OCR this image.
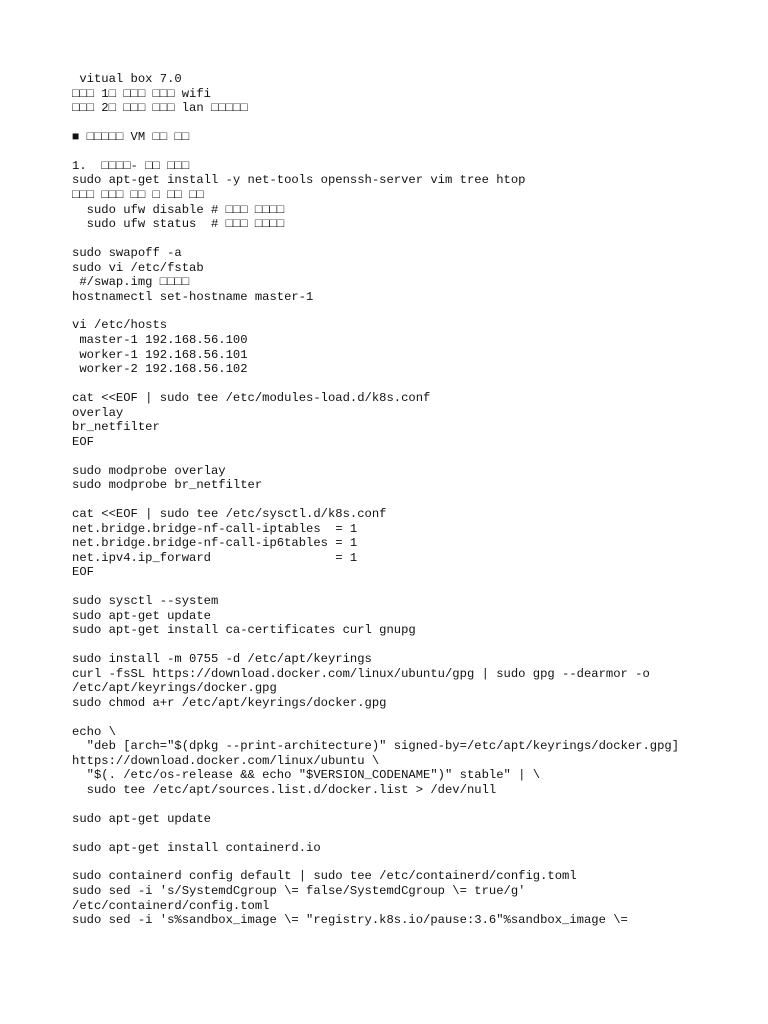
vitual box 7.0
□□□ 1□ □□□ □□□ wifi
□□□ 2□ □□□ □□□ lan □□□□□
■ □□□□□ VM □□ □□
1.  □□□□- □□ □□□
sudo apt-get install -y net-tools openssh-server vim tree htop
□□□ □□□ □□ □ □□ □□
sudo ufw disable # □□□ □□□□
sudo ufw status  # □□□ □□□□
sudo swapoff -a
sudo vi /etc/fstab
#/swap.img □□□□
hostnamectl set-hostname master-1
vi /etc/hosts
master-1 192.168.56.100
worker-1 192.168.56.101
worker-2 192.168.56.102
cat <<EOF | sudo tee /etc/modules-load.d/k8s.conf
overlay
br_netfilter
EOF
sudo modprobe overlay
sudo modprobe br_netfilter
cat <<EOF | sudo tee /etc/sysctl.d/k8s.conf
net.bridge.bridge-nf-call-iptables  = 1
net.bridge.bridge-nf-call-ip6tables = 1
net.ipv4.ip_forward                 = 1
EOF
sudo sysctl --system
sudo apt-get update
sudo apt-get install ca-certificates curl gnupg
sudo install -m 0755 -d /etc/apt/keyrings
curl -fsSL https://download.docker.com/linux/ubuntu/gpg | sudo gpg --dearmor -o
/etc/apt/keyrings/docker.gpg
sudo chmod a+r /etc/apt/keyrings/docker.gpg
echo \
"deb [arch="$(dpkg --print-architecture)" signed-by=/etc/apt/keyrings/docker.gpg]
https://download.docker.com/linux/ubuntu \
"$(. /etc/os-release && echo "$VERSION_CODENAME")" stable" | \
sudo tee /etc/apt/sources.list.d/docker.list > /dev/null
sudo apt-get update
sudo apt-get install containerd.io
sudo containerd config default | sudo tee /etc/containerd/config.toml
sudo sed -i 's/SystemdCgroup \= false/SystemdCgroup \= true/g'
/etc/containerd/config.toml
sudo sed -i 's%sandbox_image \= "registry.k8s.io/pause:3.6"%sandbox_image \=
